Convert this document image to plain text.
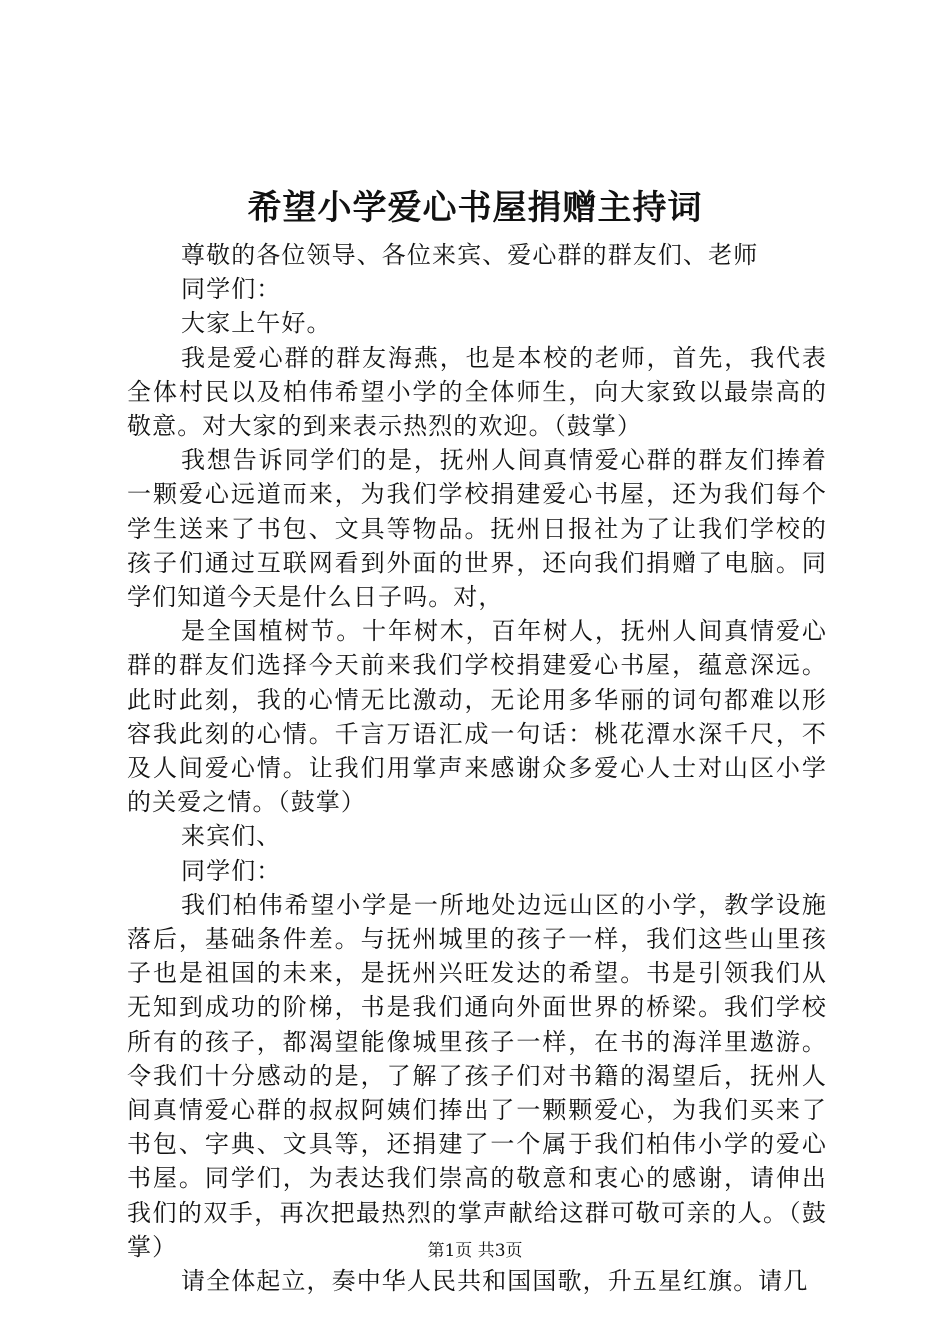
希望小学爱心书屋捐赠主持词

尊敬的各位领导、各位来宾、爱心群的群友们、老师

同学们：

大家上午好。

我是爱心群的群友海燕，也是本校的老师，首先，我代表全体村民以及柏伟希望小学的全体师生，向大家致以最崇高的敬意。对大家的到来表示热烈的欢迎。（鼓掌）

我想告诉同学们的是，抚州人间真情爱心群的群友们捧着一颗爱心远道而来，为我们学校捐建爱心书屋，还为我们每个学生送来了书包、文具等物品。抚州日报社为了让我们学校的孩子们通过互联网看到外面的世界，还向我们捐赠了电脑。同学们知道今天是什么日子吗。对，

是全国植树节。十年树木，百年树人，抚州人间真情爱心群的群友们选择今天前来我们学校捐建爱心书屋，蕴意深远。此时此刻，我的心情无比激动，无论用多华丽的词句都难以形容我此刻的心情。千言万语汇成一句话：桃花潭水深千尺，不及人间爱心情。让我们用掌声来感谢众多爱心人士对山区小学的关爱之情。（鼓掌）

来宾们、

同学们：

我们柏伟希望小学是一所地处边远山区的小学，教学设施落后，基础条件差。与抚州城里的孩子一样，我们这些山里孩子也是祖国的未来，是抚州兴旺发达的希望。书是引领我们从无知到成功的阶梯，书是我们通向外面世界的桥梁。我们学校所有的孩子，都渴望能像城里孩子一样，在书的海洋里遨游。令我们十分感动的是，了解了孩子们对书籍的渴望后，抚州人间真情爱心群的叔叔阿姨们捧出了一颗颗爱心，为我们买来了书包、字典、文具等，还捐建了一个属于我们柏伟小学的爱心书屋。同学们，为表达我们崇高的敬意和衷心的感谢，请伸出我们的双手，再次把最热烈的掌声献给这群可敬可亲的人。（鼓掌）

请全体起立，奏中华人民共和国国歌，升五星红旗。请几

第1页 共3页
